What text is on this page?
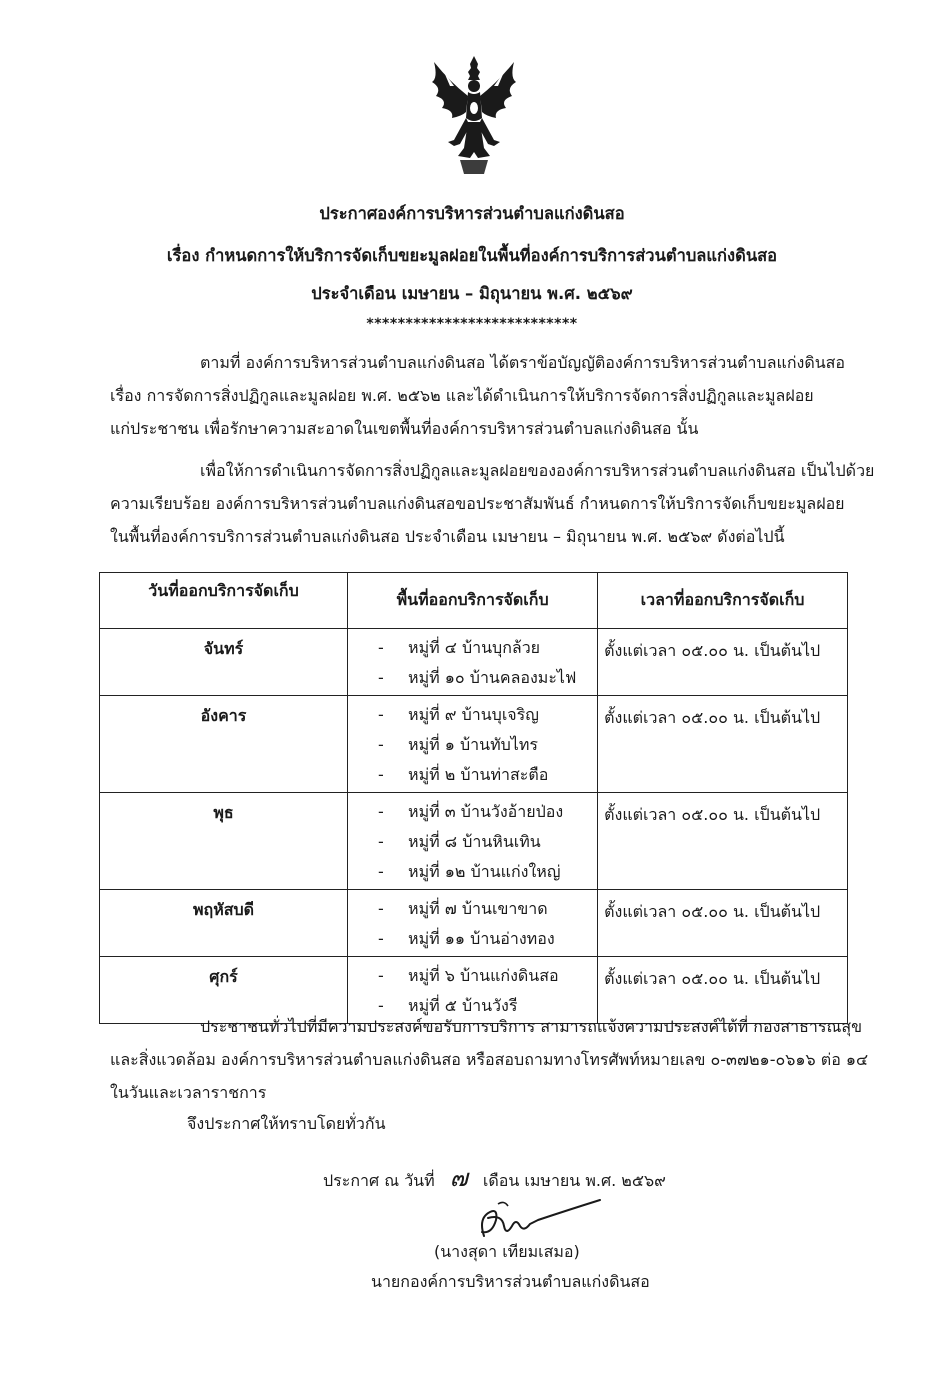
ประกาศองค์การบริหารส่วนตำบลแก่งดินสอ
เรื่อง กำหนดการให้บริการจัดเก็บขยะมูลฝอยในพื้นที่องค์การบริการส่วนตำบลแก่งดินสอ
ประจำเดือน เมษายน – มิถุนายน พ.ศ. ๒๕๖๙
***************************
ตามที่ องค์การบริหารส่วนตำบลแก่งดินสอ ได้ตราข้อบัญญัติองค์การบริหารส่วนตำบลแก่งดินสอ
เรื่อง การจัดการสิ่งปฏิกูลและมูลฝอย พ.ศ. ๒๕๖๒ และได้ดำเนินการให้บริการจัดการสิ่งปฏิกูลและมูลฝอย
แก่ประชาชน เพื่อรักษาความสะอาดในเขตพื้นที่องค์การบริหารส่วนตำบลแก่งดินสอ นั้น
เพื่อให้การดำเนินการจัดการสิ่งปฏิกูลและมูลฝอยขององค์การบริหารส่วนตำบลแก่งดินสอ เป็นไปด้วย
ความเรียบร้อย องค์การบริหารส่วนตำบลแก่งดินสอขอประชาสัมพันธ์ กำหนดการให้บริการจัดเก็บขยะมูลฝอย
ในพื้นที่องค์การบริการส่วนตำบลแก่งดินสอ ประจำเดือน เมษายน – มิถุนายน พ.ศ. ๒๕๖๙ ดังต่อไปนี้
วันที่ออกบริการจัดเก็บ	พื้นที่ออกบริการจัดเก็บ	เวลาที่ออกบริการจัดเก็บ
จันทร์	- หมู่ที่ ๔ บ้านบุกล้วย
- หมู่ที่ ๑๐ บ้านคลองมะไฟ	ตั้งแต่เวลา ๐๕.๐๐ น. เป็นต้นไป
อังคาร	- หมู่ที่ ๙ บ้านบุเจริญ
- หมู่ที่ ๑ บ้านทับไทร
- หมู่ที่ ๒ บ้านท่าสะตือ	ตั้งแต่เวลา ๐๕.๐๐ น. เป็นต้นไป
พุธ	- หมู่ที่ ๓ บ้านวังอ้ายป่อง
- หมู่ที่ ๘ บ้านหินเทิน
- หมู่ที่ ๑๒ บ้านแก่งใหญ่	ตั้งแต่เวลา ๐๕.๐๐ น. เป็นต้นไป
พฤหัสบดี	- หมู่ที่ ๗ บ้านเขาขาด
- หมู่ที่ ๑๑ บ้านอ่างทอง	ตั้งแต่เวลา ๐๕.๐๐ น. เป็นต้นไป
ศุกร์	- หมู่ที่ ๖ บ้านแก่งดินสอ
- หมู่ที่ ๕ บ้านวังรี	ตั้งแต่เวลา ๐๕.๐๐ น. เป็นต้นไป
ประชาชนทั่วไปที่มีความประสงค์ขอรับการบริการ สามารถแจ้งความประสงค์ได้ที่ กองสาธารณสุข
และสิ่งแวดล้อม องค์การบริหารส่วนตำบลแก่งดินสอ หรือสอบถามทางโทรศัพท์หมายเลข ๐-๓๗๒๑-๐๖๑๖ ต่อ ๑๔
ในวันและเวลาราชการ
จึงประกาศให้ทราบโดยทั่วกัน
ประกาศ ณ วันที่ ๗ เดือน เมษายน พ.ศ. ๒๕๖๙
(นางสุดา เทียมเสมอ)
นายกองค์การบริหารส่วนตำบลแก่งดินสอ
